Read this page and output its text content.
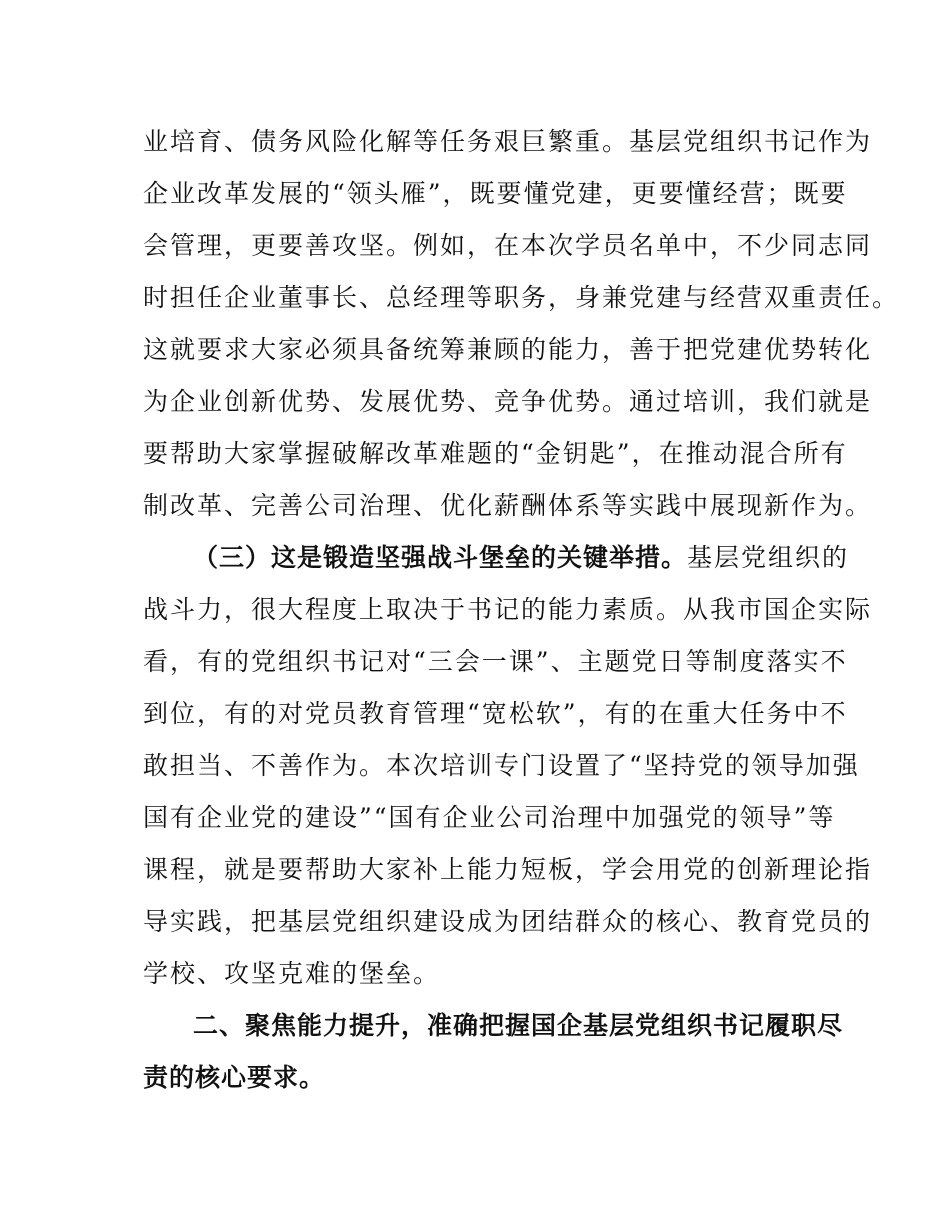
业培育、债务风险化解等任务艰巨繁重。基层党组织书记作为
企业改革发展的“领头雁”，既要懂党建，更要懂经营；既要
会管理，更要善攻坚。例如，在本次学员名单中，不少同志同
时担任企业董事长、总经理等职务，身兼党建与经营双重责任。
这就要求大家必须具备统筹兼顾的能力，善于把党建优势转化
为企业创新优势、发展优势、竞争优势。通过培训，我们就是
要帮助大家掌握破解改革难题的“金钥匙”，在推动混合所有
制改革、完善公司治理、优化薪酬体系等实践中展现新作为。
（三）这是锻造坚强战斗堡垒的关键举措。基层党组织的
战斗力，很大程度上取决于书记的能力素质。从我市国企实际
看，有的党组织书记对“三会一课”、主题党日等制度落实不
到位，有的对党员教育管理“宽松软”，有的在重大任务中不
敢担当、不善作为。本次培训专门设置了“坚持党的领导加强
国有企业党的建设”“国有企业公司治理中加强党的领导”等
课程，就是要帮助大家补上能力短板，学会用党的创新理论指
导实践，把基层党组织建设成为团结群众的核心、教育党员的
学校、攻坚克难的堡垒。
二、聚焦能力提升，准确把握国企基层党组织书记履职尽
责的核心要求。
